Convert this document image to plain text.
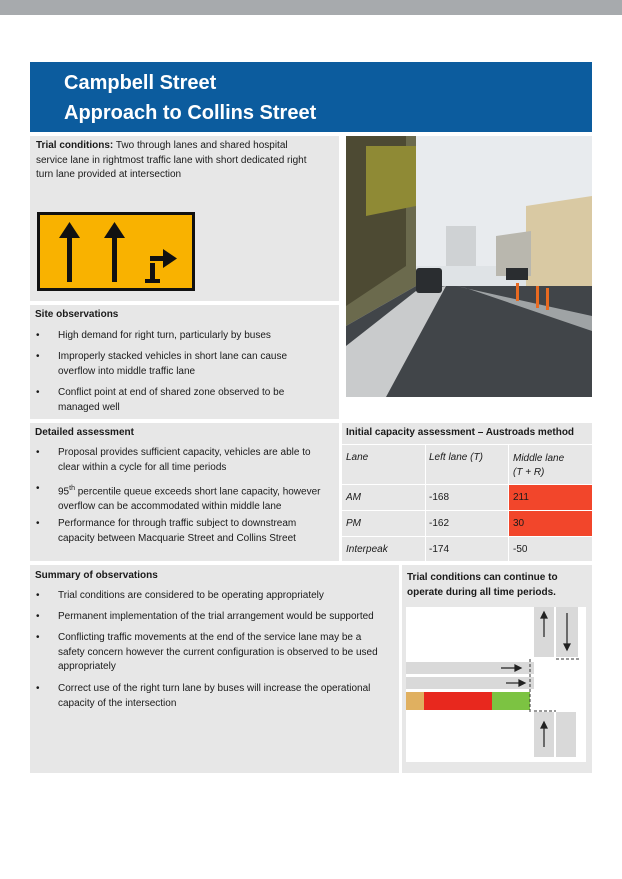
Campbell Street
Approach to Collins Street
Trial conditions: Two through lanes and shared hospital
service lane in rightmost traffic lane with short dedicated right
turn lane provided at intersection
Site observations
• High demand for right turn, particularly by buses
• Improperly stacked vehicles in short lane can cause
overflow into middle traffic lane
• Conflict point at end of shared zone observed to be
managed well
Detailed assessment
• Proposal provides sufficient capacity, vehicles are able to
clear within a cycle for all time periods
• 95th percentile queue exceeds short lane capacity, however
overflow can be accommodated within middle lane
• Performance for through traffic subject to downstream
capacity between Macquarie Street and Collins Street
Initial capacity assessment – Austroads method
Lane	Left lane (T)	Middle lane
(T + R)
AM	-168	211
PM	-162	30
Interpeak	-174	-50
Summary of observations
• Trial conditions are considered to be operating appropriately
• Permanent implementation of the trial arrangement would be supported
• Conflicting traffic movements at the end of the service lane may be a
safety concern however the current configuration is observed to be used
appropriately
• Correct use of the right turn lane by buses will increase the operational
capacity of the intersection
Trial conditions can continue to
operate during all time periods.
